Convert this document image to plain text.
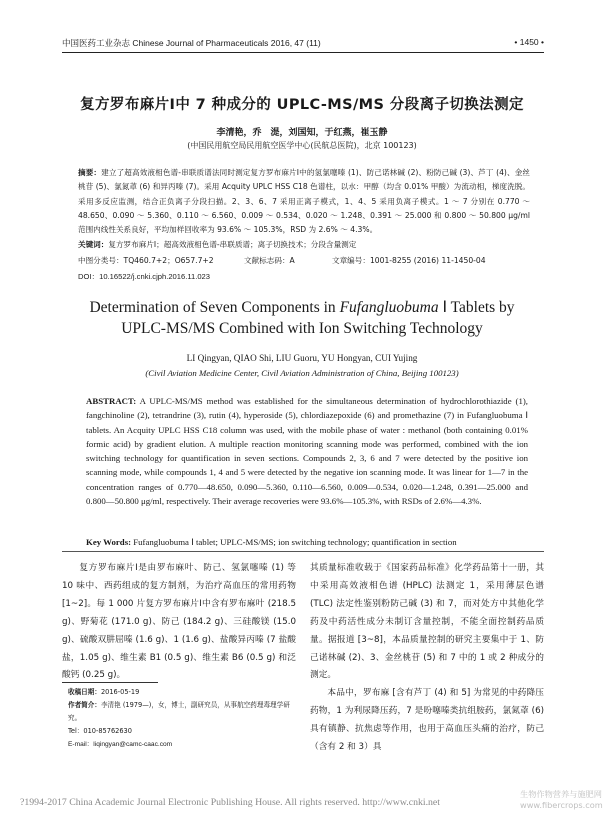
中国医药工业杂志 Chinese Journal of Pharmaceuticals 2016, 47 (11)	• 1450 •
复方罗布麻片Ⅰ中 7 种成分的 UPLC-MS/MS 分段离子切换法测定
李清艳，乔　湜，刘国知，于红燕，崔玉静
(中国民用航空局民用航空医学中心(民航总医院)，北京 100123)
摘要：建立了超高效液相色谱-串联质谱法同时测定复方罗布麻片Ⅰ中的氢氯噻嗪 (1)、防己诺林碱 (2)、粉防己碱 (3)、芦丁 (4)、金丝桃苷 (5)、氯氮䓬 (6) 和异丙嗪 (7)。采用 Acquity UPLC HSS C18 色谱柱，以水：甲醇（均含 0.01% 甲酸）为流动相，梯度洗脱。采用多反应监测，结合正负离子分段扫描。2、3、6、7 采用正离子模式，1、4、5 采用负离子模式。1 ～ 7 分别在 0.770 ～ 48.650、0.090 ～ 5.360、0.110 ～ 6.560、0.009 ～ 0.534、0.020 ～ 1.248、0.391 ～ 25.000 和 0.800 ～ 50.800 μg/ml 范围内线性关系良好，平均加样回收率为 93.6% ～ 105.3%，RSD 为 2.6% ～ 4.3%。
关键词：复方罗布麻片Ⅰ；超高效液相色谱-串联质谱；离子切换技术；分段含量测定
中图分类号：TQ460.7+2；O657.7+2	文献标志码：A	文章编号：1001-8255 (2016) 11-1450-04
DOI：10.16522/j.cnki.cjph.2016.11.023
Determination of Seven Components in Fufangluobuma Ⅰ Tablets by
UPLC-MS/MS Combined with Ion Switching Technology
LI Qingyan, QIAO Shi, LIU Guoru, YU Hongyan, CUI Yujing
(Civil Aviation Medicine Center, Civil Aviation Administration of China, Beijing 100123)
ABSTRACT: A UPLC-MS/MS method was established for the simultaneous determination of hydrochlorothiazide (1), fangchinoline (2), tetrandrine (3), rutin (4), hyperoside (5), chlordiazepoxide (6) and promethazine (7) in Fufangluobuma Ⅰ tablets. An Acquity UPLC HSS C18 column was used, with the mobile phase of water : methanol (both containing 0.01% formic acid) by gradient elution. A multiple reaction monitoring scanning mode was performed, combined with the ion switching technology for quantification in seven sections. Compounds 2, 3, 6 and 7 were detected by the positive ion scanning mode, while compounds 1, 4 and 5 were detected by the negative ion scanning mode. It was linear for 1—7 in the concentration ranges of 0.770—48.650, 0.090—5.360, 0.110—6.560, 0.009—0.534, 0.020—1.248, 0.391—25.000 and 0.800—50.800 μg/ml, respectively. Their average recoveries were 93.6%—105.3%, with RSDs of 2.6%—4.3%.
Key Words: Fufangluobuma Ⅰ tablet; UPLC-MS/MS; ion switching technology; quantification in section

复方罗布麻片Ⅰ是由罗布麻叶、防己、氢氯噻嗪 (1) 等 10 味中、西药组成的复方制剂，为治疗高血压的常用药物 [1~2]。每 1 000 片复方罗布麻片Ⅰ中含有罗布麻叶 (218.5 g)、野菊花 (171.0 g)、防己 (184.2 g)、三硅酸镁 (15.0 g)、硫酸双肼屈嗪 (1.6 g)、1 (1.6 g)、盐酸异丙嗪 (7 盐酸盐，1.05 g)、维生素 B1 (0.5 g)、维生素 B6 (0.5 g) 和泛酸钙 (0.25 g)。

其质量标准收载于《国家药品标准》化学药品第十一册，其中采用高效液相色谱 (HPLC) 法测定 1，采用薄层色谱 (TLC) 法定性鉴别粉防己碱 (3) 和 7，而对处方中其他化学药及中药活性成分未制订含量控制，不能全面控制药品质量。据报道 [3~8]，本品质量控制的研究主要集中于 1、防己诺林碱 (2)、3、金丝桃苷 (5) 和 7 中的 1 或 2 种成分的测定。

本品中，罗布麻 [含有芦丁 (4) 和 5] 为常见的中药降压药物，1 为利尿降压药，7 是吩噻嗪类抗组胺药，氯氮䓬 (6) 具有镇静、抗焦虑等作用，也用于高血压头痛的治疗，防己（含有 2 和 3）具

收稿日期：2016-05-19
作者简介：李清艳 (1979—)，女，博士，副研究员，从事航空药理毒理学研究。
Tel：010-85762630
E-mail：liqingyan@camc-caac.com
?1994-2017 China Academic Journal Electronic Publishing House. All rights reserved. http://www.cnki.net
生物作物营养与施肥网
www.fibercrops.com
